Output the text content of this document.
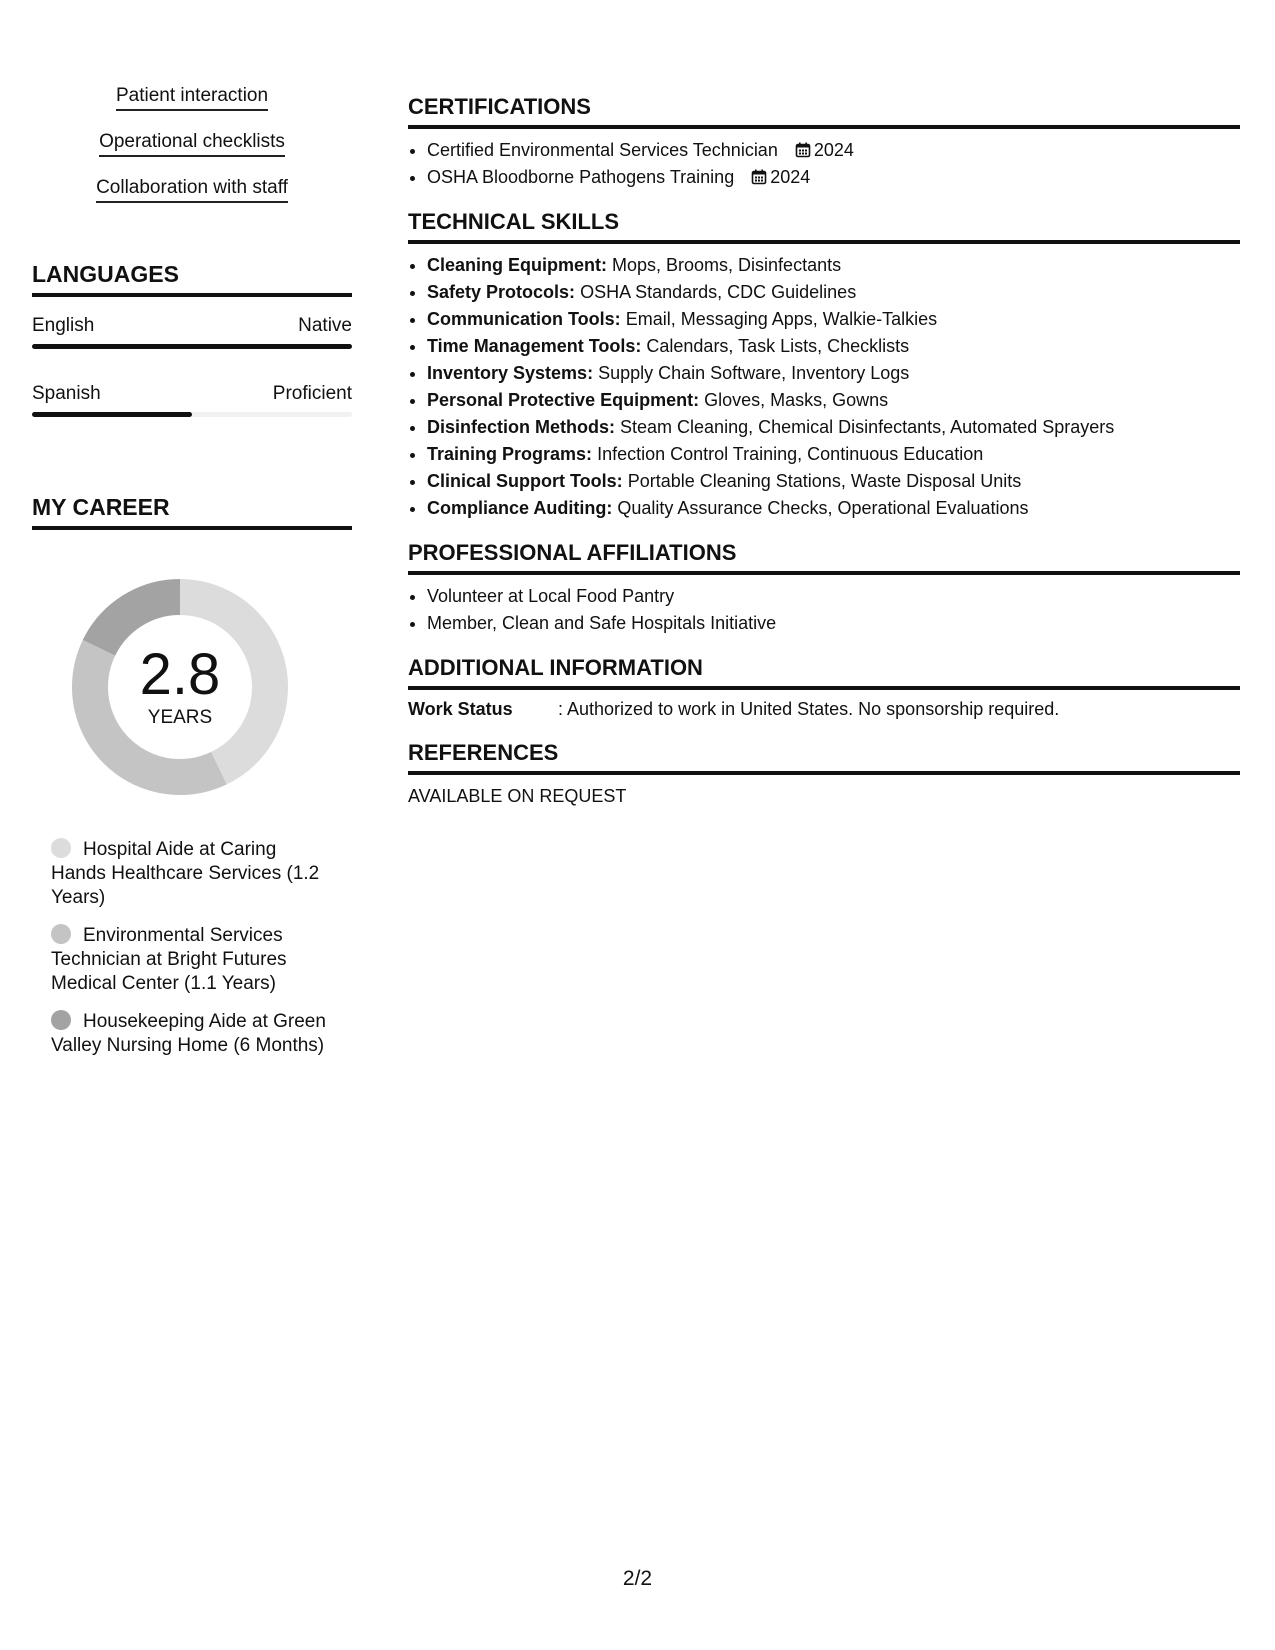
Patient interaction
Operational checklists
Collaboration with staff
LANGUAGES
English	Native
Spanish	Proficient
MY CAREER
2.8
YEARS
Hospital Aide at Caring Hands Healthcare Services (1.2 Years)
Environmental Services Technician at Bright Futures Medical Center (1.1 Years)
Housekeeping Aide at Green Valley Nursing Home (6 Months)
CERTIFICATIONS
• Certified Environmental Services Technician 2024
• OSHA Bloodborne Pathogens Training 2024
TECHNICAL SKILLS
• Cleaning Equipment: Mops, Brooms, Disinfectants
• Safety Protocols: OSHA Standards, CDC Guidelines
• Communication Tools: Email, Messaging Apps, Walkie-Talkies
• Time Management Tools: Calendars, Task Lists, Checklists
• Inventory Systems: Supply Chain Software, Inventory Logs
• Personal Protective Equipment: Gloves, Masks, Gowns
• Disinfection Methods: Steam Cleaning, Chemical Disinfectants, Automated Sprayers
• Training Programs: Infection Control Training, Continuous Education
• Clinical Support Tools: Portable Cleaning Stations, Waste Disposal Units
• Compliance Auditing: Quality Assurance Checks, Operational Evaluations
PROFESSIONAL AFFILIATIONS
• Volunteer at Local Food Pantry
• Member, Clean and Safe Hospitals Initiative
ADDITIONAL INFORMATION
Work Status	: Authorized to work in United States. No sponsorship required.
REFERENCES
AVAILABLE ON REQUEST
2/2
